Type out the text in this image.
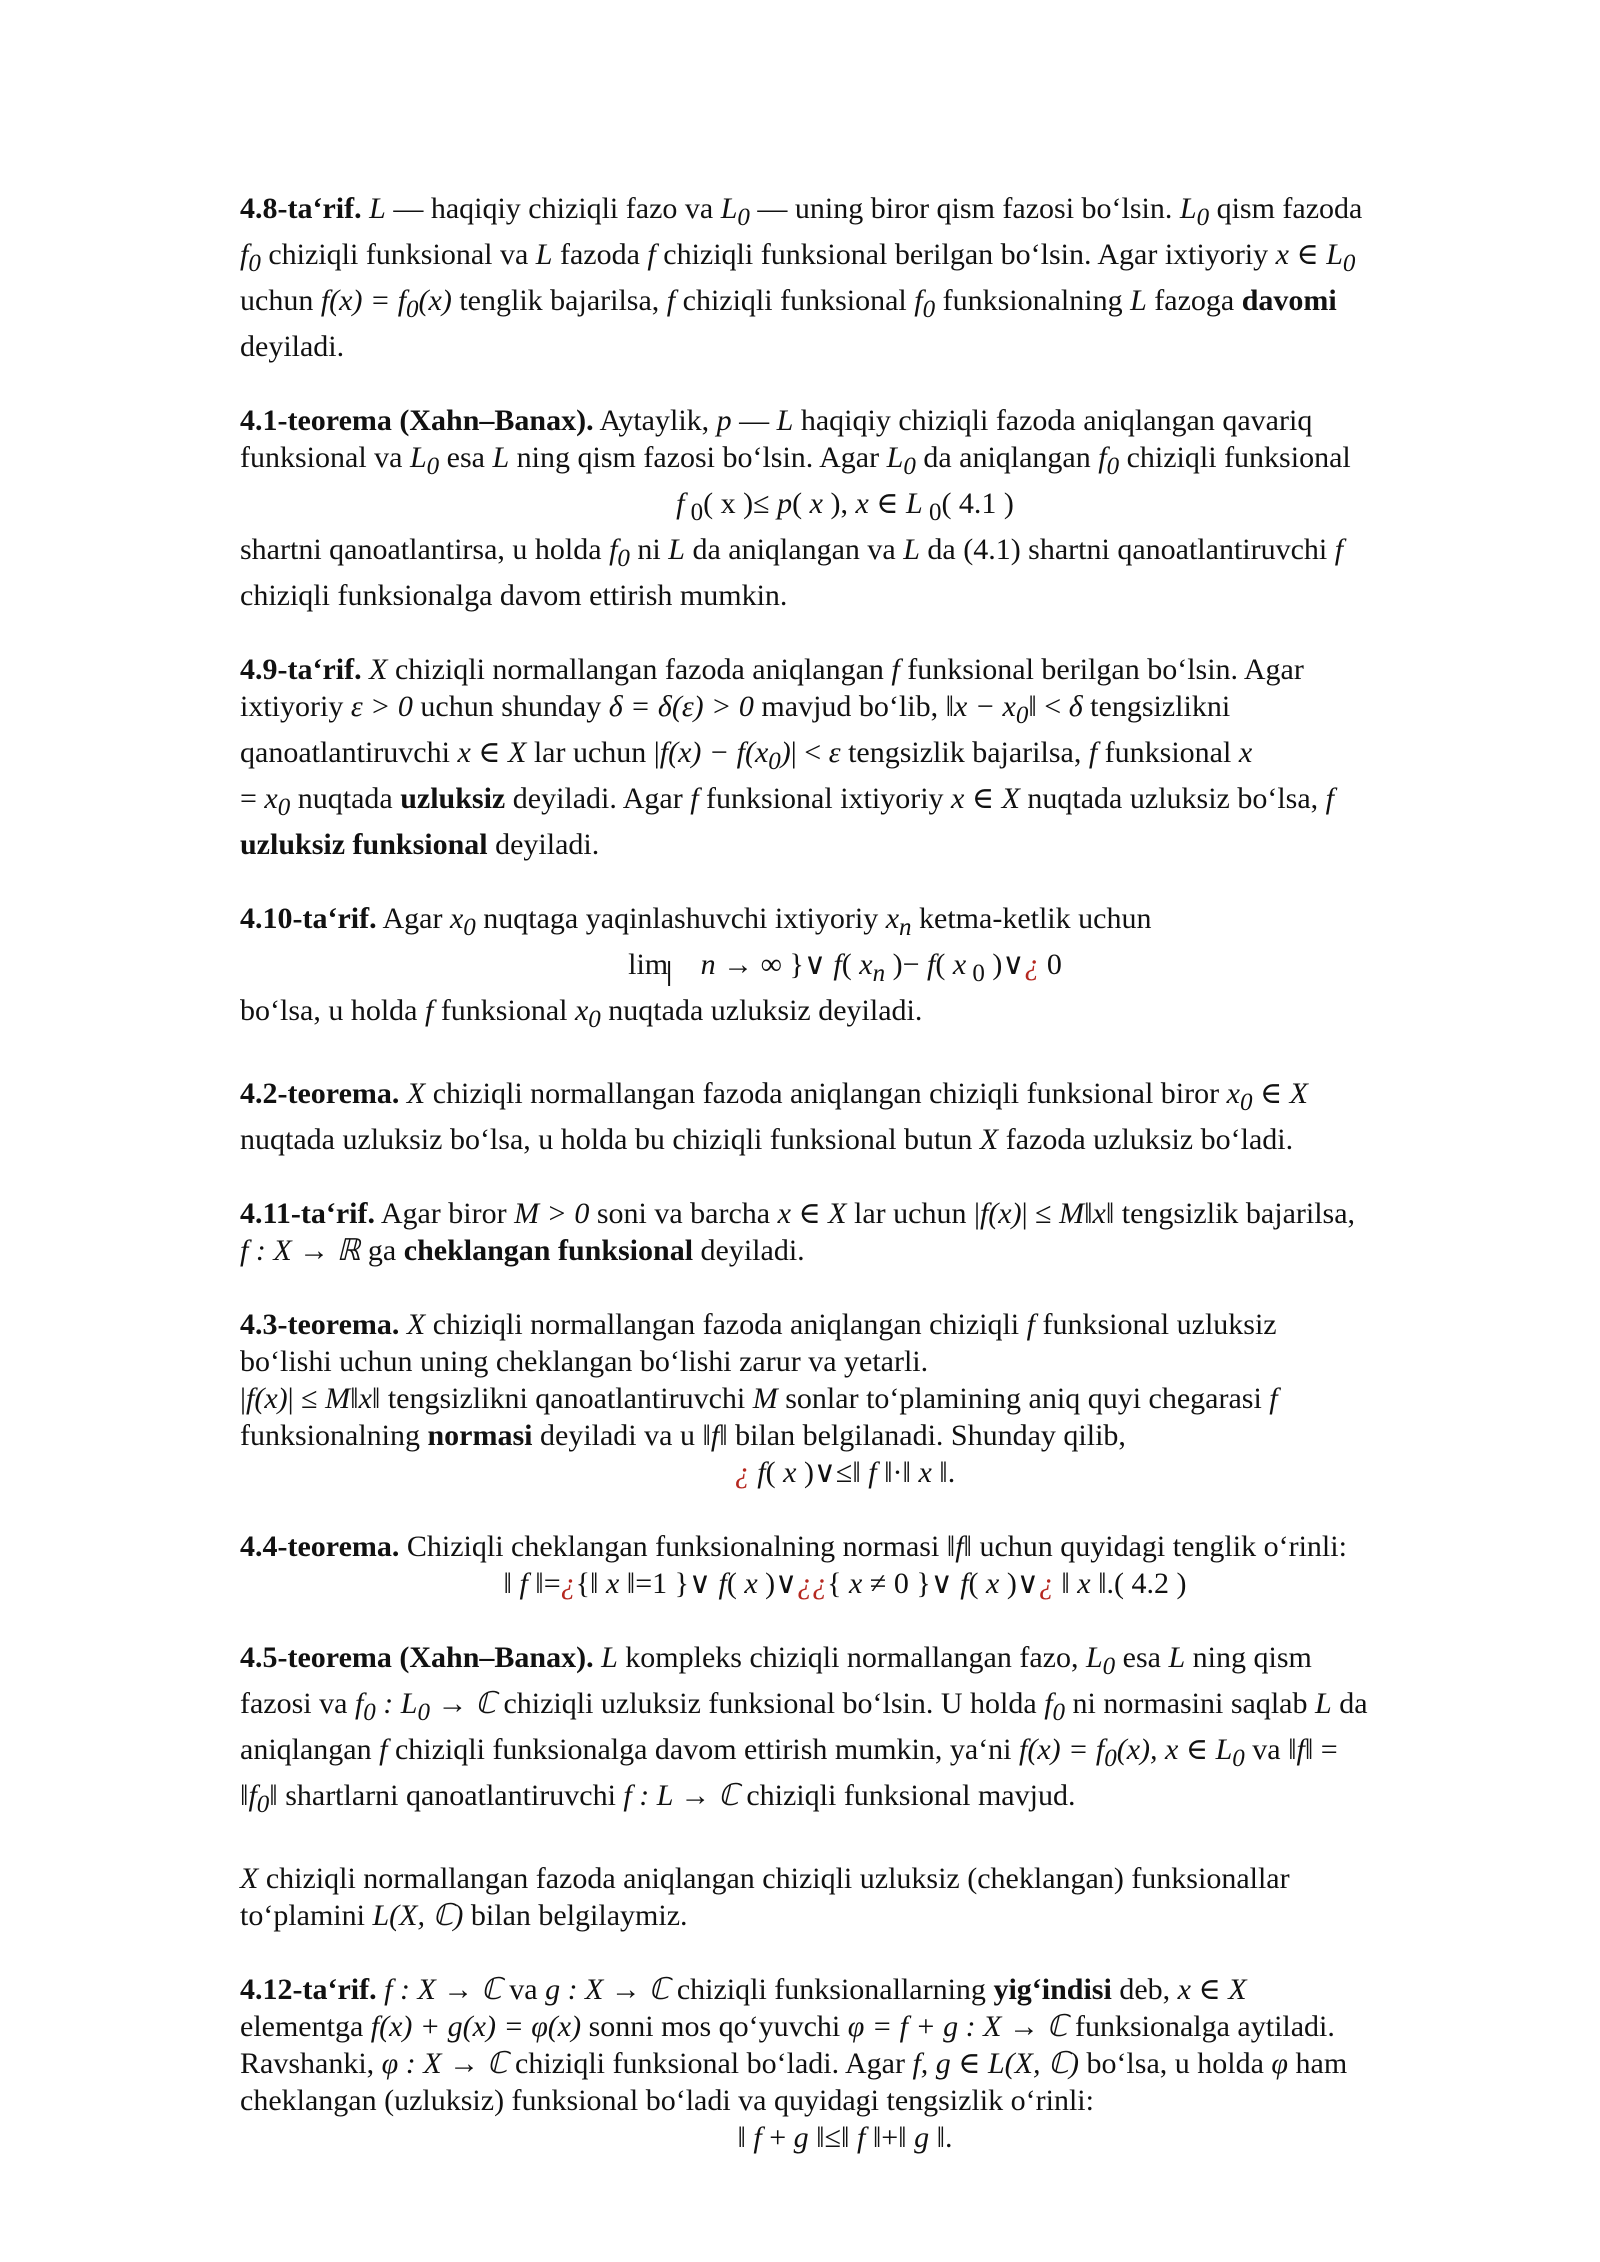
4.8-ta‘rif. L — haqiqiy chiziqli fazo va $L_0$ — uning biror qism fazosi bo‘lsin. $L_0$ qism fazoda
$f_0$ chiziqli funksional va L fazoda f chiziqli funksional berilgan bo‘lsin. Agar ixtiyoriy x ∈ $L_0$
uchun $f(x) = f_0(x)$ tenglik bajarilsa, f chiziqli funksional $f_0$ funksionalning L fazoga davomi
deyiladi.
4.1-teorema (Xahn–Banax). Aytaylik, p — L haqiqiy chiziqli fazoda aniqlangan qavariq
funksional va $L_0$ esa L ning qism fazosi bo‘lsin. Agar $L_0$ da aniqlangan $f_0$ chiziqli funksional
f $_0$( x )≤ p( x ), x ∈ L $_0$( 4.1 )
shartni qanoatlantirsa, u holda $f_0$ ni L da aniqlangan va L da (4.1) shartni qanoatlantiruvchi f
chiziqli funksionalga davom ettirish mumkin.
4.9-ta‘rif. X chiziqli normallangan fazoda aniqlangan f funksional berilgan bo‘lsin. Agar
ixtiyoriy ε > 0 uchun shunday δ = δ(ε) > 0 mavjud bo‘lib, ‖x − $x_0‖ < \delta$ tengsizlikni
qanoatlantiruvchi x ∈ X lar uchun $|f(x) - f(x_0)| < \varepsilon$ tengsizlik bajarilsa, f funksional x
= $x_0$ nuqtada uzluksiz deyiladi. Agar f funksional ixtiyoriy x ∈ X nuqtada uzluksiz bo‘lsa, f
uzluksiz funksional deyiladi.
4.10-ta‘rif. Agar $x_0$ nuqtaga yaqinlashuvchi ixtiyoriy $x_n$ ketma-ketlik uchun
$\lim_⎸ n$ → ∞ }∨ f( $x_n$ )− f( x $_0$ )∨¿ 0
bo‘lsa, u holda f funksional $x_0$ nuqtada uzluksiz deyiladi.
4.2-teorema. X chiziqli normallangan fazoda aniqlangan chiziqli funksional biror $x_0$ ∈ X
nuqtada uzluksiz bo‘lsa, u holda bu chiziqli funksional butun X fazoda uzluksiz bo‘ladi.
4.11-ta‘rif. Agar biror M > 0 soni va barcha x ∈ X lar uchun |f(x)| ≤ M‖x‖ tengsizlik bajarilsa,
f : X → ℝ ga cheklangan funksional deyiladi.
4.3-teorema. X chiziqli normallangan fazoda aniqlangan chiziqli f funksional uzluksiz
bo‘lishi uchun uning cheklangan bo‘lishi zarur va yetarli.
|f(x)| ≤ M‖x‖ tengsizlikni qanoatlantiruvchi M sonlar to‘plamining aniq quyi chegarasi f
funksionalning normasi deyiladi va u ‖f‖ bilan belgilanadi. Shunday qilib,
¿ f( x )∨≤‖ f ‖·‖ x ‖.
4.4-teorema. Chiziqli cheklangan funksionalning normasi ‖f‖ uchun quyidagi tenglik o‘rinli:
‖ f ‖=¿{‖ x ‖=1 }∨ f( x )∨¿¿{ x ≠ 0 }∨ f( x )∨¿ ‖ x ‖.( 4.2 )
4.5-teorema (Xahn–Banax). L kompleks chiziqli normallangan fazo, $L_0$ esa L ning qism
fazosi va $f_0$ : $L_0$ → ℂ chiziqli uzluksiz funksional bo‘lsin. U holda $f_0$ ni normasini saqlab L da
aniqlangan f chiziqli funksionalga davom ettirish mumkin, ya‘ni $f(x) = f_0(x)$, x ∈ $L_0$ va ‖f‖ =
$‖f_0‖$ shartlarni qanoatlantiruvchi f : L → ℂ chiziqli funksional mavjud.
X chiziqli normallangan fazoda aniqlangan chiziqli uzluksiz (cheklangan) funksionallar
to‘plamini L(X, ℂ) bilan belgilaymiz.
4.12-ta‘rif. f : X → ℂ va g : X → ℂ chiziqli funksionallarning yig‘indisi deb, x ∈ X
elementga f(x) + g(x) = φ(x) sonni mos qo‘yuvchi φ = f + g : X → ℂ funksionalga aytiladi.
Ravshanki, φ : X → ℂ chiziqli funksional bo‘ladi. Agar f, g ∈ L(X, ℂ) bo‘lsa, u holda φ ham
cheklangan (uzluksiz) funksional bo‘ladi va quyidagi tengsizlik o‘rinli:
‖ f + g ‖≤‖ f ‖+‖ g ‖.
